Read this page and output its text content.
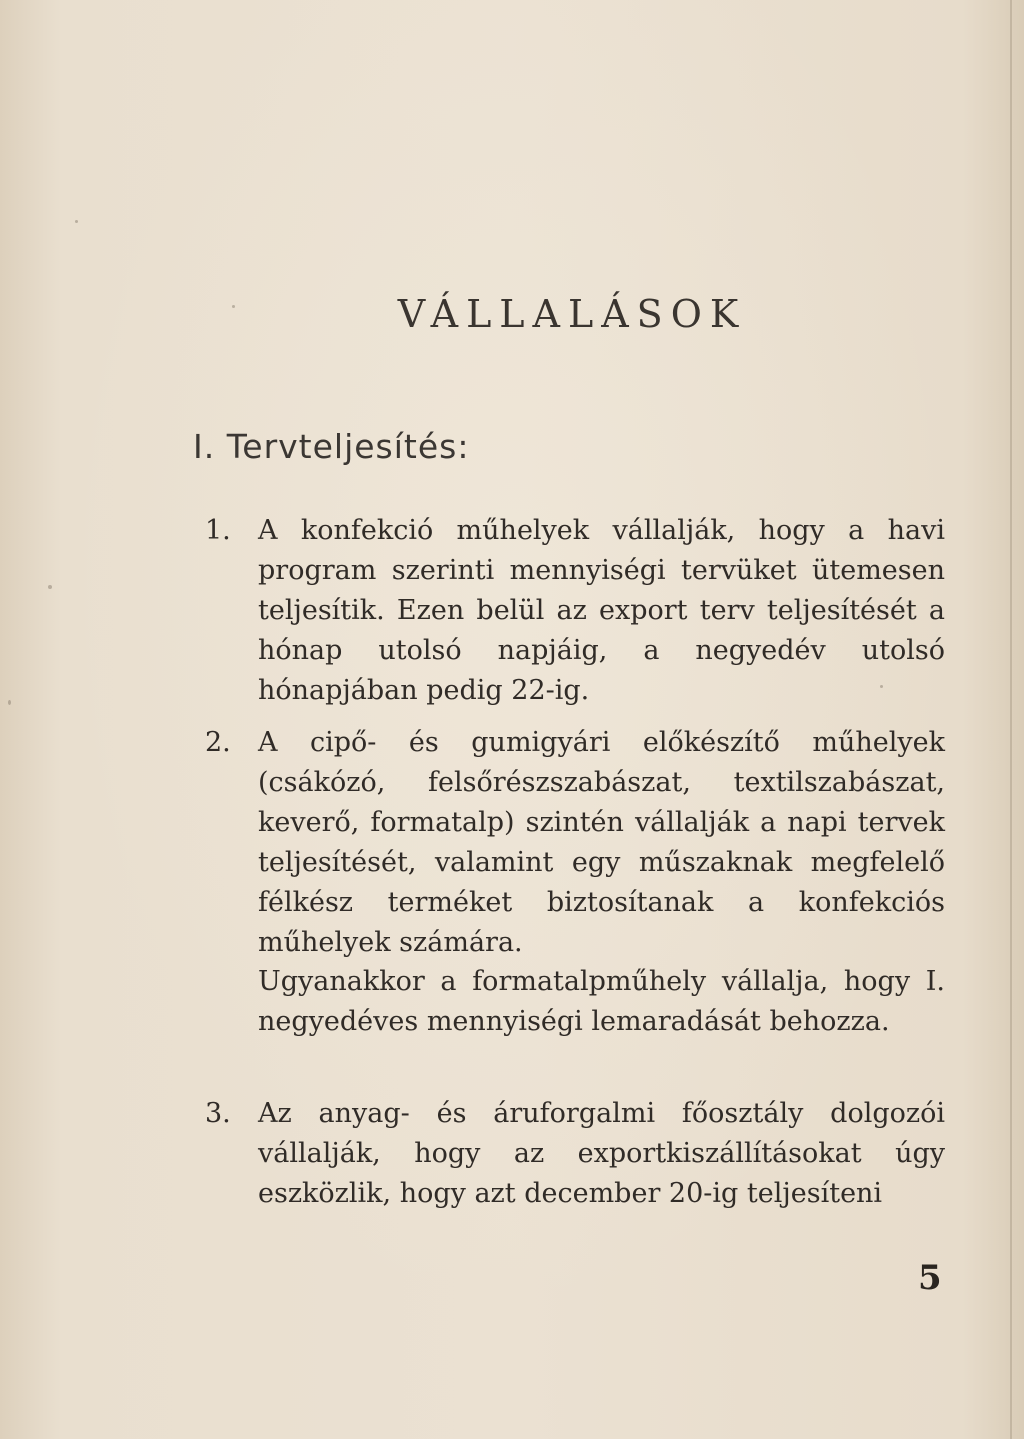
VÁLLALÁSOK
I. Tervteljesítés:
1.	A konfekció műhelyek vállalják, hogy a havi program szerinti mennyiségi tervüket ütemesen teljesítik. Ezen belül az export terv teljesítését a hónap utolsó napjáig, a negyedév utolsó hónapjában pedig 22-ig.
2.	A cipő- és gumigyári előkészítő műhelyek (csákózó, felsőrészszabászat, textilszabászat, keverő, formatalp) szintén vállalják a napi tervek teljesítését, valamint egy műszaknak megfelelő félkész terméket biztosítanak a konfekciós műhelyek számára.
Ugyanakkor a formatalpműhely vállalja, hogy I. negyedéves mennyiségi lemaradását behozza.
3.	Az anyag- és áruforgalmi főosztály dolgozói vállalják, hogy az exportkiszállításokat úgy eszközlik, hogy azt december 20-ig teljesíteni
5
